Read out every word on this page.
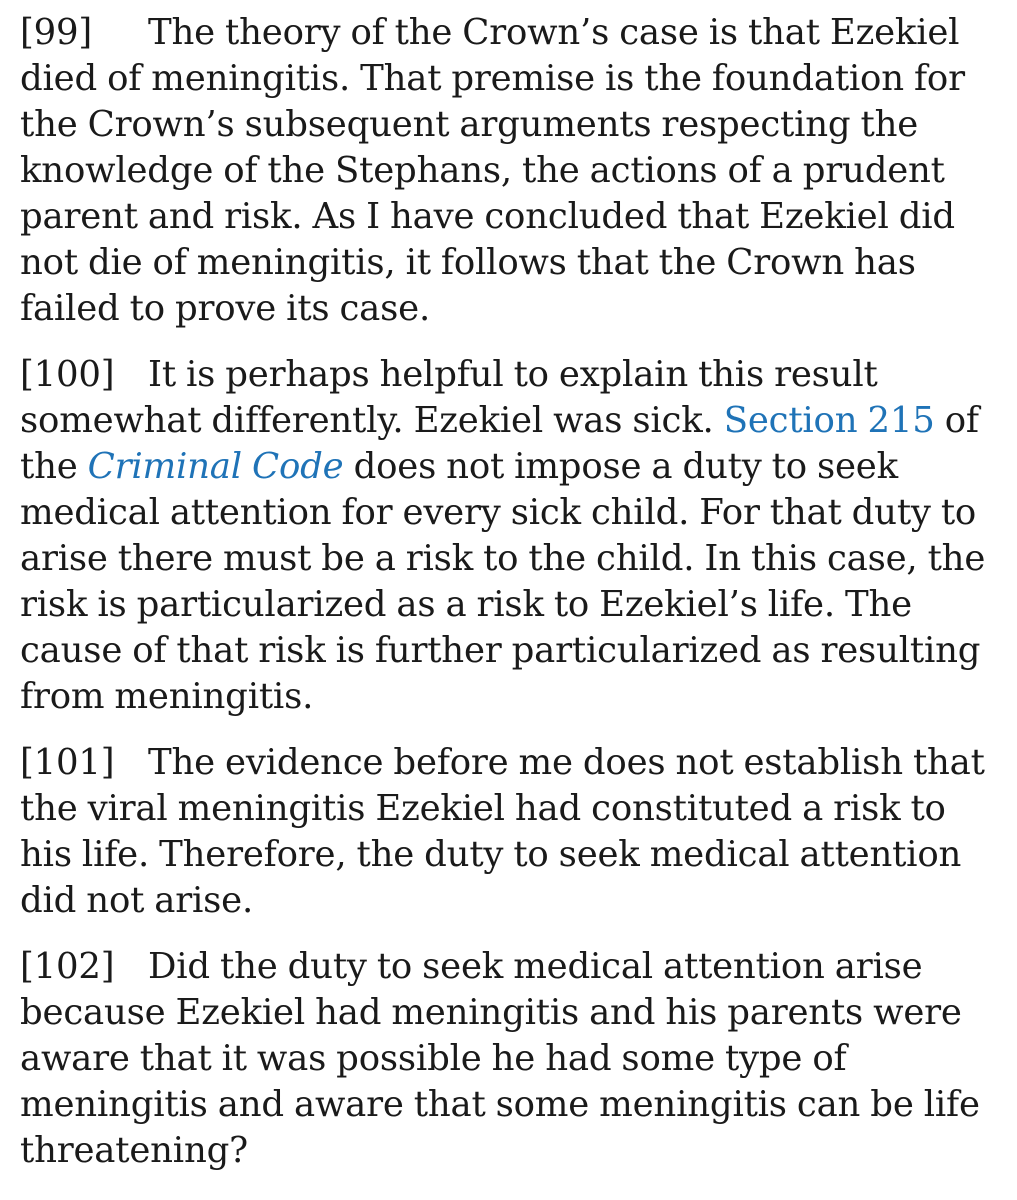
[99] The theory of the Crown’s case is that Ezekiel died of meningitis. That premise is the foundation for the Crown’s subsequent arguments respecting the knowledge of the Stephans, the actions of a prudent parent and risk. As I have concluded that Ezekiel did not die of meningitis, it follows that the Crown has failed to prove its case.

[100] It is perhaps helpful to explain this result somewhat differently. Ezekiel was sick. Section 215 of the Criminal Code does not impose a duty to seek medical attention for every sick child. For that duty to arise there must be a risk to the child. In this case, the risk is particularized as a risk to Ezekiel’s life. The cause of that risk is further particularized as resulting from meningitis.

[101] The evidence before me does not establish that the viral meningitis Ezekiel had constituted a risk to his life. Therefore, the duty to seek medical attention did not arise.

[102] Did the duty to seek medical attention arise because Ezekiel had meningitis and his parents were aware that it was possible he had some type of meningitis and aware that some meningitis can be life threatening?
